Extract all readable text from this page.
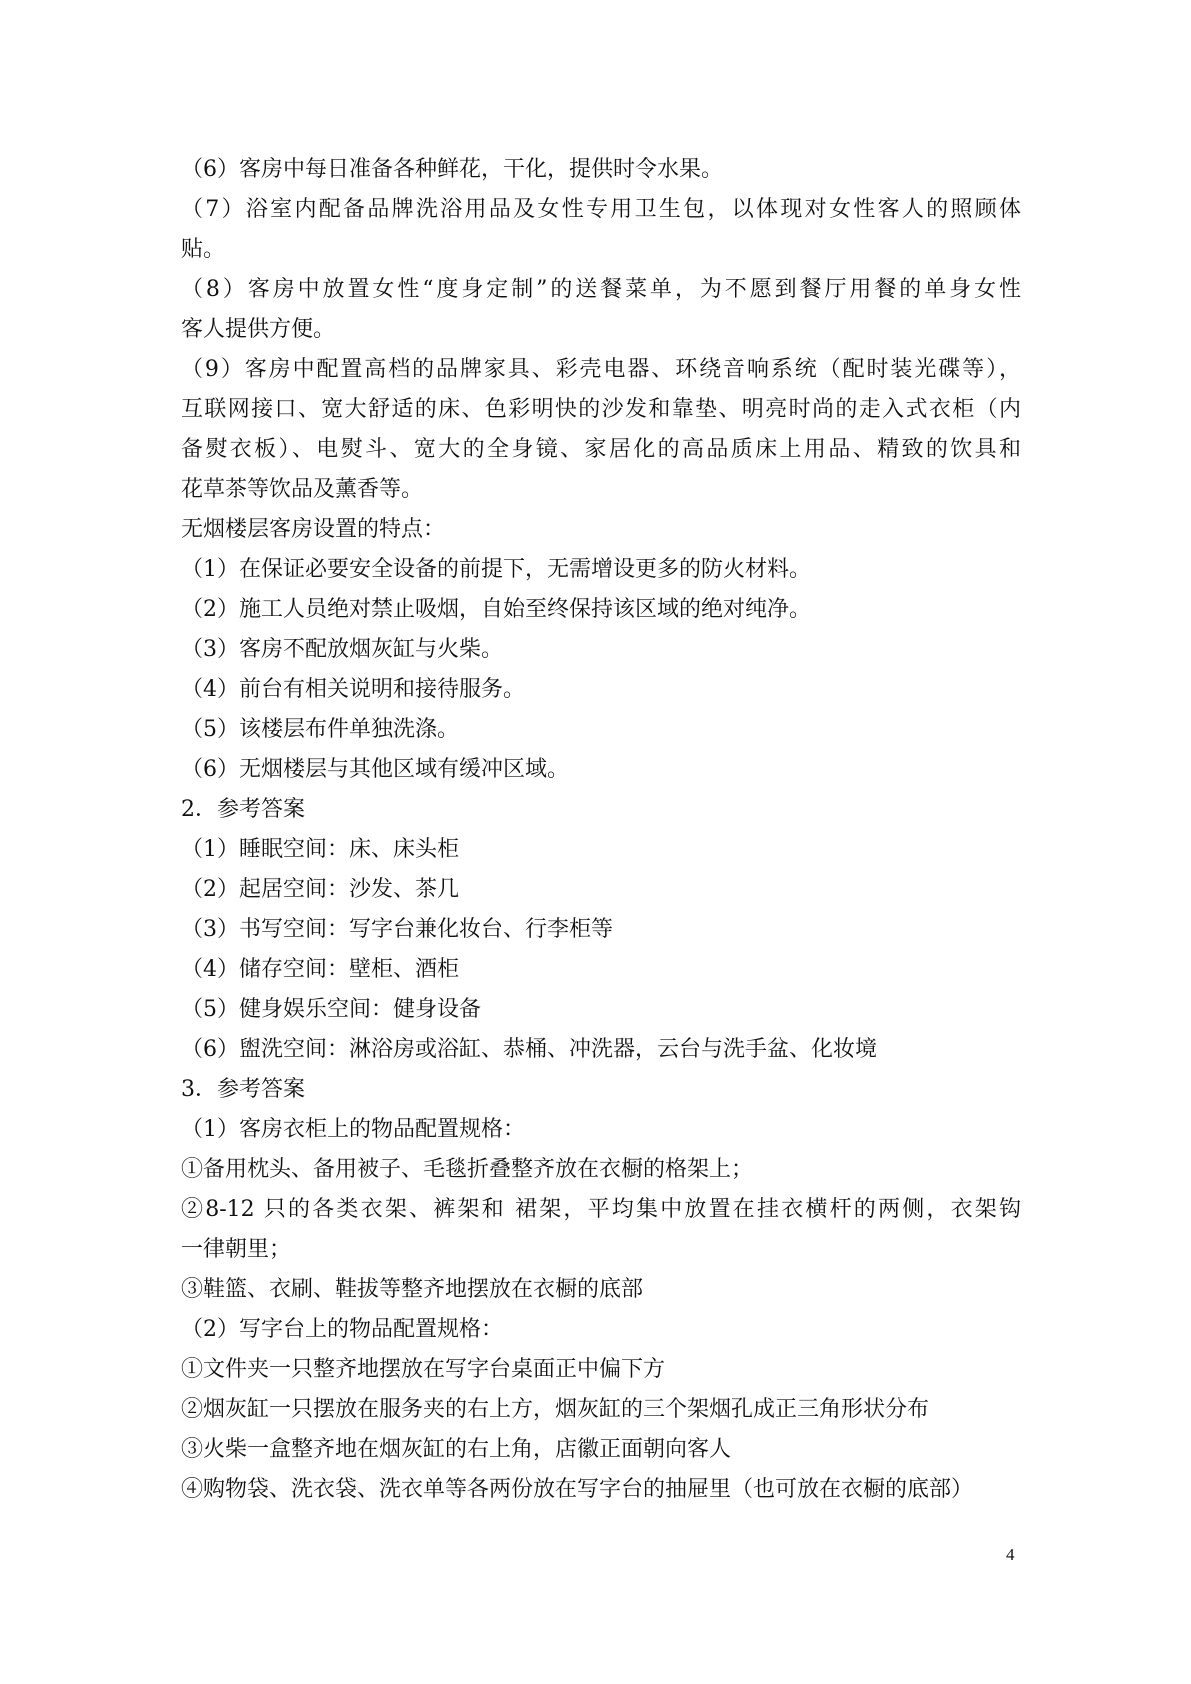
（6）客房中每日准备各种鲜花，干化，提供时令水果。
（7）浴室内配备品牌洗浴用品及女性专用卫生包，以体现对女性客人的照顾体
贴。
（8）客房中放置女性“度身定制”的送餐菜单，为不愿到餐厅用餐的单身女性
客人提供方便。
（9）客房中配置高档的品牌家具、彩壳电器、环绕音响系统（配时装光碟等），
互联网接口、宽大舒适的床、色彩明快的沙发和靠垫、明亮时尚的走入式衣柜（内
备熨衣板）、电熨斗、宽大的全身镜、家居化的高品质床上用品、精致的饮具和
花草茶等饮品及薰香等。
无烟楼层客房设置的特点：
（1）在保证必要安全设备的前提下，无需增设更多的防火材料。
（2）施工人员绝对禁止吸烟，自始至终保持该区域的绝对纯净。
（3）客房不配放烟灰缸与火柴。
（4）前台有相关说明和接待服务。
（5）该楼层布件单独洗涤。
（6）无烟楼层与其他区域有缓冲区域。
2．参考答案
（1）睡眠空间：床、床头柜
（2）起居空间：沙发、茶几
（3）书写空间：写字台兼化妆台、行李柜等
（4）储存空间：壁柜、酒柜
（5）健身娱乐空间：健身设备
（6）盥洗空间：淋浴房或浴缸、恭桶、冲洗器，云台与洗手盆、化妆境
3．参考答案
（1）客房衣柜上的物品配置规格：
①备用枕头、备用被子、毛毯折叠整齐放在衣橱的格架上；
②8-12 只的各类衣架、裤架和 裙架，平均集中放置在挂衣横杆的两侧，衣架钩
一律朝里；
③鞋篮、衣刷、鞋拔等整齐地摆放在衣橱的底部
（2）写字台上的物品配置规格：
①文件夹一只整齐地摆放在写字台桌面正中偏下方
②烟灰缸一只摆放在服务夹的右上方，烟灰缸的三个架烟孔成正三角形状分布
③火柴一盒整齐地在烟灰缸的右上角，店徽正面朝向客人
④购物袋、洗衣袋、洗衣单等各两份放在写字台的抽屉里（也可放在衣橱的底部）
4
